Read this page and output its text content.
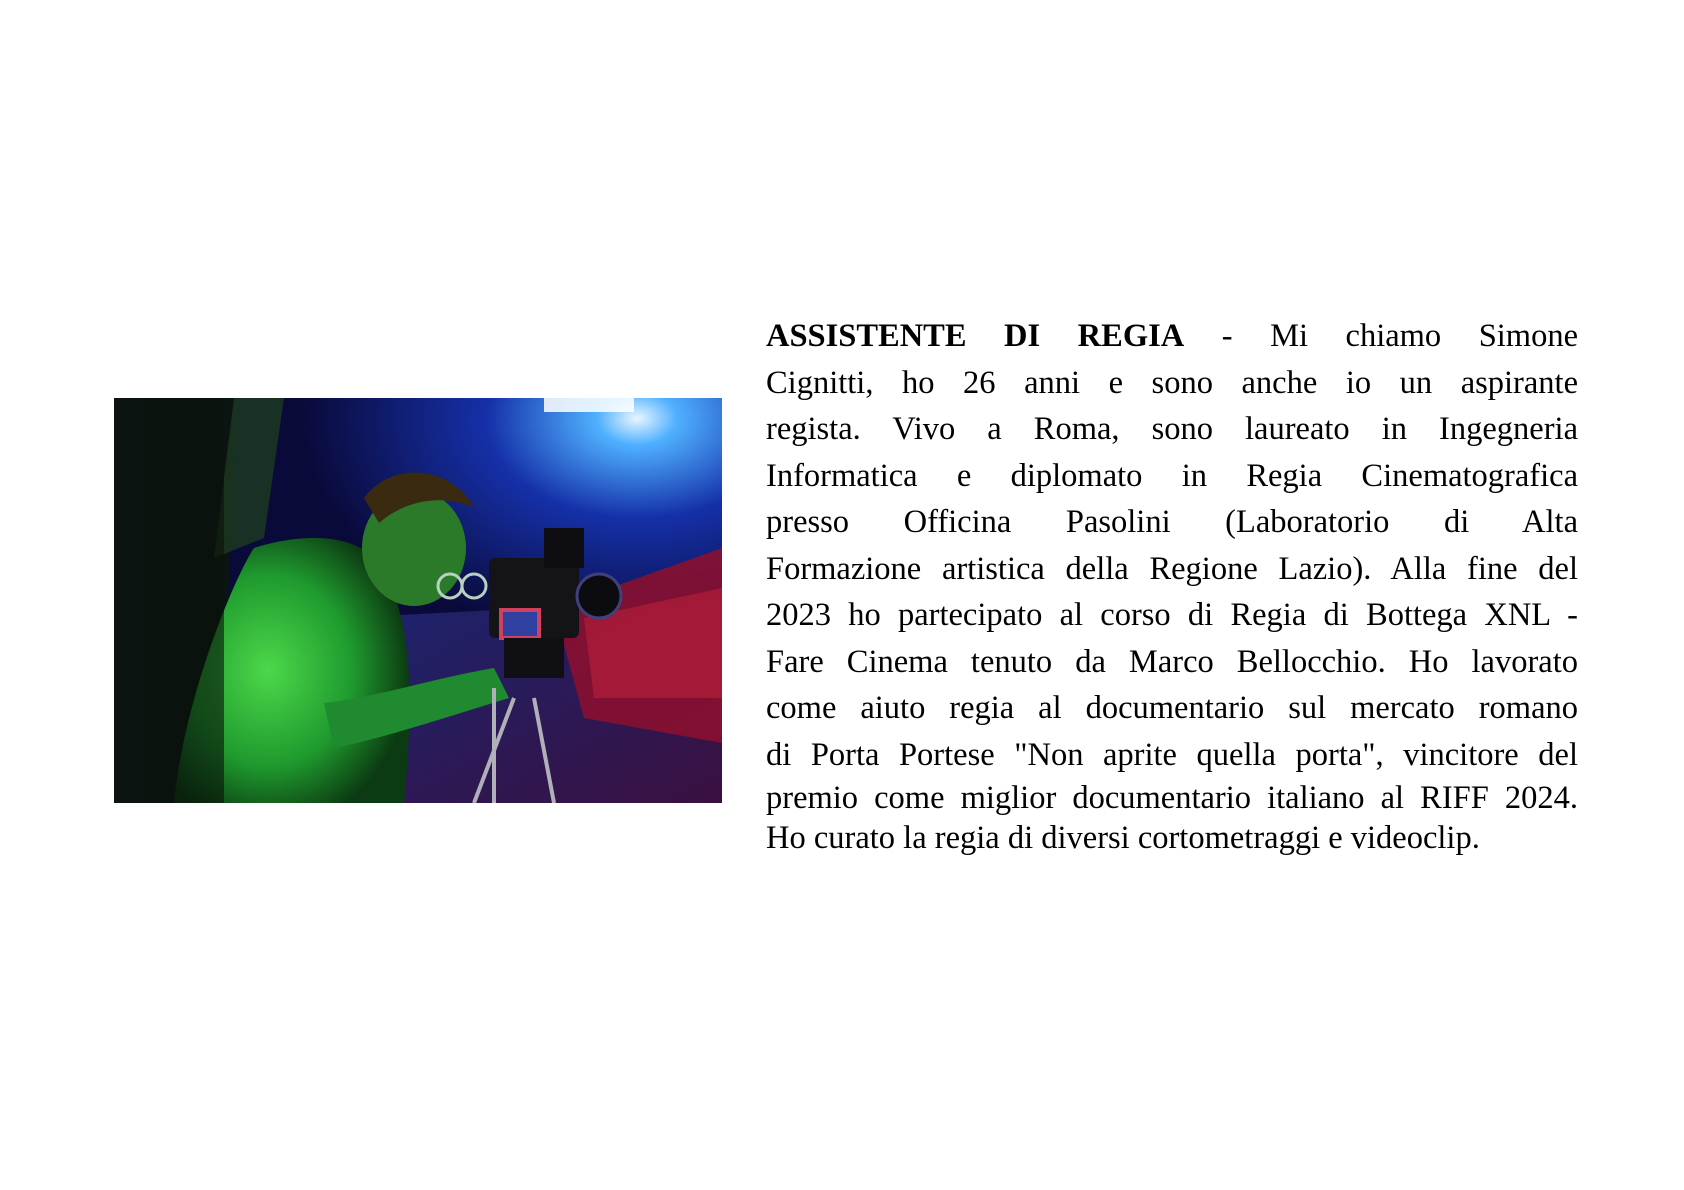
ASSISTENTE DI REGIA - Mi chiamo Simone
Cignitti, ho 26 anni e sono anche io un aspirante
regista. Vivo a Roma, sono laureato in Ingegneria
Informatica e diplomato in Regia Cinematografica
presso Officina Pasolini (Laboratorio di Alta
Formazione artistica della Regione Lazio). Alla fine del
2023 ho partecipato al corso di Regia di Bottega XNL -
Fare Cinema tenuto da Marco Bellocchio. Ho lavorato
come aiuto regia al documentario sul mercato romano
di Porta Portese "Non aprite quella porta", vincitore del
premio come miglior documentario italiano al RIFF 2024.
Ho curato la regia di diversi cortometraggi e videoclip.
